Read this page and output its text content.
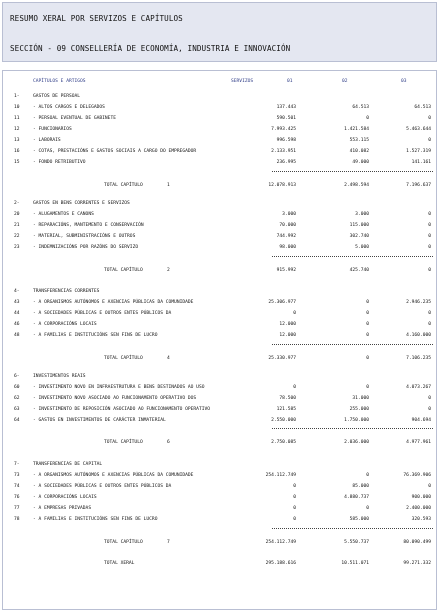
RESUMO XERAL POR SERVIZOS E CAPÍTULOS
SECCIÓN - 09 CONSELLERÍA DE ECONOMÍA, INDUSTRIA E INNOVACIÓN
CAPÍTULOS E ARTIGOS	SERVIZOS	01	02	03
1-	GASTOS DE PERSOAL
10	- ALTOS CARGOS E DELEGADOS	137.443	64.513	64.513
11	- PERSOAL EVENTUAL DE GABINETE	590.501	0	0
12	- FUNCIONARIOS	7.993.425	1.421.584	5.463.644
13	- LABORAIS	996.598	553.115	0
16	- COTAS, PRESTACIÓNS E GASTOS SOCIAIS A CARGO DO EMPREGADOR	2.133.951	410.082	1.527.319
15	- FONDO RETRIBUTIVO	236.995	49.000	141.161
TOTAL CAPÍTULO	1	12.078.913	2.498.594	7.196.637
2-	GASTOS EN BENS CORRENTES E SERVIZOS
20	- ALUGAMENTOS E CANONS	3.000	3.000	0
21	- REPARACIÓNS, MANTEMENTO E CONSERVACIÓN	70.000	115.000	0
22	- MATERIAL, SUBMINISTRACIÓNS E OUTROS	744.992	302.740	0
23	- INDEMNIZACIÓNS POR RAZÓNS DO SERVIZO	98.000	5.000	0
TOTAL CAPÍTULO	2	915.992	425.740	0
4-	TRANSFERENCIAS CORRENTES
43	- A ORGANISMOS AUTÓNOMOS E AXENCIAS PÚBLICAS DA COMUNIDADE	25.306.977	0	2.946.235
44	- A SOCIEDADES PÚBLICAS E OUTROS ENTES PÚBLICOS DA	0	0	0
46	- A CORPORACIÓNS LOCAIS	12.000	0	0
48	- A FAMILIAS E INSTITUCIÓNS SEN FINS DE LUCRO	12.000	0	4.160.000
TOTAL CAPÍTULO	4	25.330.977	0	7.106.235
6-	INVESTIMENTOS REAIS
60	- INVESTIMENTO NOVO EN INFRAESTRUTURA E BENS DESTINADOS AO USO	0	0	4.073.267
62	- INVESTIMENTO NOVO ASOCIADO AO FUNCIONAMENTO OPERATIVO DOS	78.500	31.000	0
63	- INVESTIMENTO DE REPOSICIÓN ASOCIADO AO FUNCIONAMENTO OPERATIVO	121.585	255.000	0
64	- GASTOS EN INVESTIMENTOS DE CARÁCTER INMATERIAL	2.550.000	1.750.000	904.694
TOTAL CAPÍTULO	6	2.750.085	2.036.000	4.977.961
7-	TRANSFERENCIAS DE CAPITAL
73	- A ORGANISMOS AUTÓNOMOS E AXENCIAS PÚBLICAS DA COMUNIDADE	254.112.749	0	76.369.906
74	- A SOCIEDADES PÚBLICAS E OUTROS ENTES PÚBLICOS DA	0	85.000	0
76	- A CORPORACIÓNS LOCAIS	0	4.880.737	900.000
77	- A EMPRESAS PRIVADAS	0	0	2.400.000
78	- A FAMILIAS E INSTITUCIÓNS SEN FINS DE LUCRO	0	585.000	320.593
TOTAL CAPÍTULO	7	254.112.749	5.550.737	80.090.499
TOTAL XERAL	295.188.616	10.511.071	99.271.332
